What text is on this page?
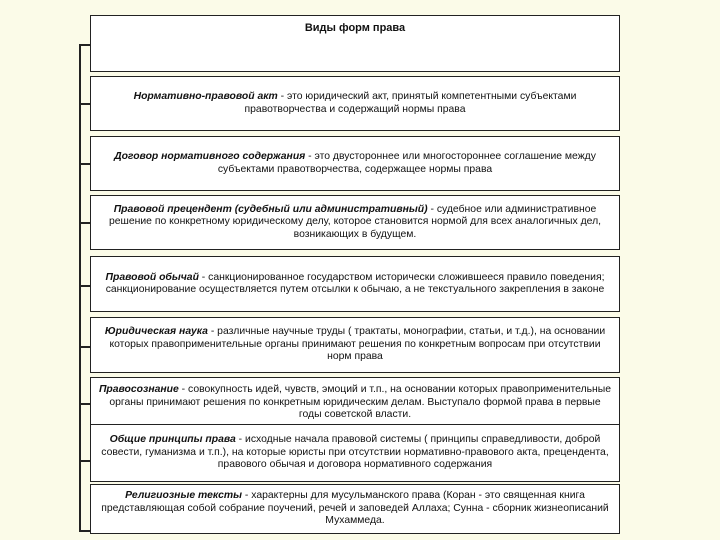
Виды форм права
Нормативно-правовой акт - это юридический акт, принятый компетентными субъектами правотворчества и содержащий нормы права
Договор нормативного содержания - это двустороннее или многостороннее соглашение между субъектами правотворчества, содержащее нормы права
Правовой прецендент (судебный или административный) - судебное или административное решение по конкретному юридическому делу, которое становится нормой для всех аналогичных дел, возникающих в будущем.
Правовой обычай - санкционированное государством исторически сложившееся правило поведения; санкционирование осуществляется путем отсылки к обычаю, а не текстуального закрепления в законе
Юридическая наука - различные научные труды ( трактаты, монографии, статьи, и т.д.), на основании которых правоприменительные органы принимают решения по конкретным вопросам при отсутствии норм права
Правосознание - совокупность идей, чувств, эмоций и т.п., на основании которых правоприменительные органы принимают решения по конкретным юридическим делам. Выступало формой права в первые годы советской власти.
Общие принципы права - исходные начала правовой системы ( принципы справедливости, доброй совести, гуманизма и т.п.), на которые юристы при отсутствии нормативно-правового акта, прецендента, правового обычая и договора нормативного содержания
Религиозные тексты - характерны для мусульманского права (Коран - это священная книга представляющая собой собрание поучений, речей и заповедей Аллаха; Сунна - сборник жизнеописаний Мухаммеда.
